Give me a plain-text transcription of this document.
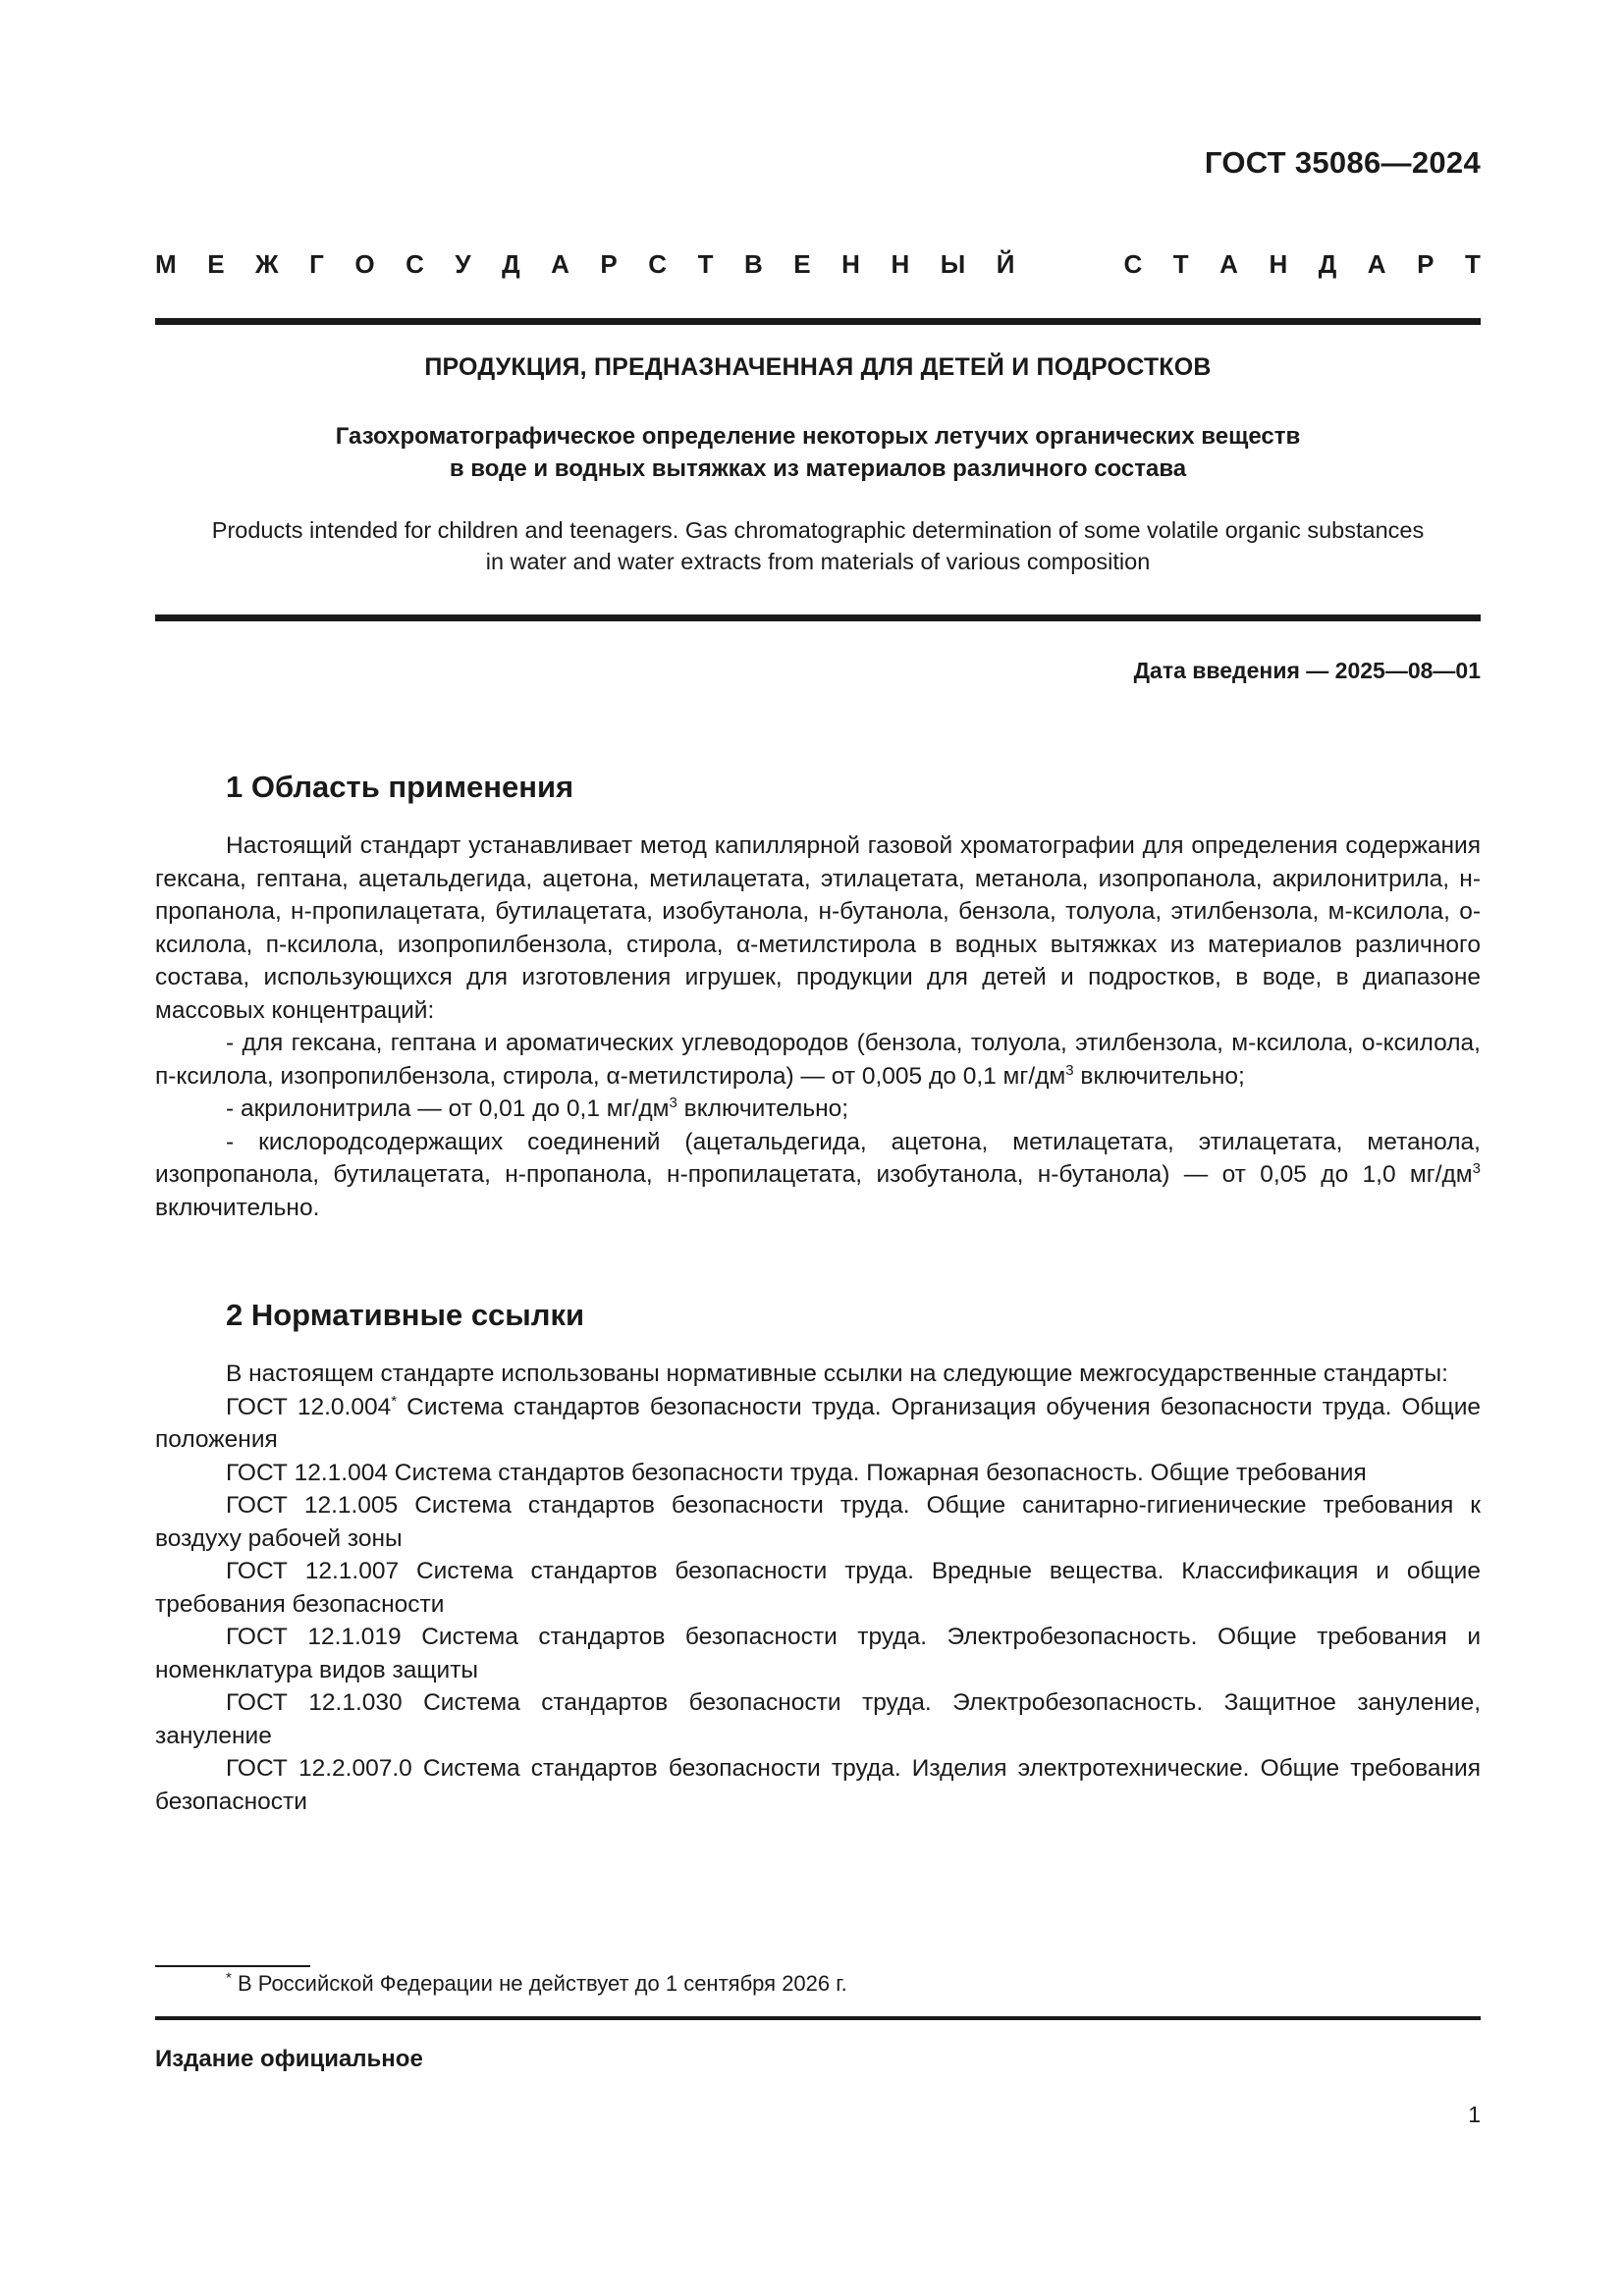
ГОСТ 35086—2024
М Е Ж Г О С У Д А Р С Т В Е Н Н Ы Й	С Т А Н Д А Р Т
ПРОДУКЦИЯ, ПРЕДНАЗНАЧЕННАЯ ДЛЯ ДЕТЕЙ И ПОДРОСТКОВ
Газохроматографическое определение некоторых летучих органических веществ
в воде и водных вытяжках из материалов различного состава
Products intended for children and teenagers. Gas chromatographic determination of some volatile organic substances
in water and water extracts from materials of various composition
Дата введения — 2025—08—01
1 Область применения

Настоящий стандарт устанавливает метод капиллярной газовой хроматографии для определения содержания гексана, гептана, ацетальдегида, ацетона, метилацетата, этилацетата, метанола, изопропанола, акрилонитрила, н-пропанола, н-пропилацетата, бутилацетата, изобутанола, н-бутанола, бензола, толуола, этилбензола, м-ксилола, о-ксилола, п-ксилола, изопропилбензола, стирола, α-метилстирола в водных вытяжках из материалов различного состава, использующихся для изготовления игрушек, продукции для детей и подростков, в воде, в диапазоне массовых концентраций:

- для гексана, гептана и ароматических углеводородов (бензола, толуола, этилбензола, м-ксилола, о-ксилола, п-ксилола, изопропилбензола, стирола, α-метилстирола) — от 0,005 до 0,1 $мг/дм^3$ включительно;

- акрилонитрила — от 0,01 до 0,1 $мг/дм^3$ включительно;

- кислородсодержащих соединений (ацетальдегида, ацетона, метилацетата, этилацетата, метанола, изопропанола, бутилацетата, н-пропанола, н-пропилацетата, изобутанола, н-бутанола) — от 0,05 до 1,0 $мг/дм^3$ включительно.

2 Нормативные ссылки

В настоящем стандарте использованы нормативные ссылки на следующие межгосударственные стандарты:

ГОСТ 12.0.004* Система стандартов безопасности труда. Организация обучения безопасности труда. Общие положения

ГОСТ 12.1.004 Система стандартов безопасности труда. Пожарная безопасность. Общие требования

ГОСТ 12.1.005 Система стандартов безопасности труда. Общие санитарно-гигиенические требования к воздуху рабочей зоны

ГОСТ 12.1.007 Система стандартов безопасности труда. Вредные вещества. Классификация и общие требования безопасности

ГОСТ 12.1.019 Система стандартов безопасности труда. Электробезопасность. Общие требования и номенклатура видов защиты

ГОСТ 12.1.030 Система стандартов безопасности труда. Электробезопасность. Защитное зануление, зануление

ГОСТ 12.2.007.0 Система стандартов безопасности труда. Изделия электротехнические. Общие требования безопасности

* В Российской Федерации не действует до 1 сентября 2026 г.
Издание официальное
1
